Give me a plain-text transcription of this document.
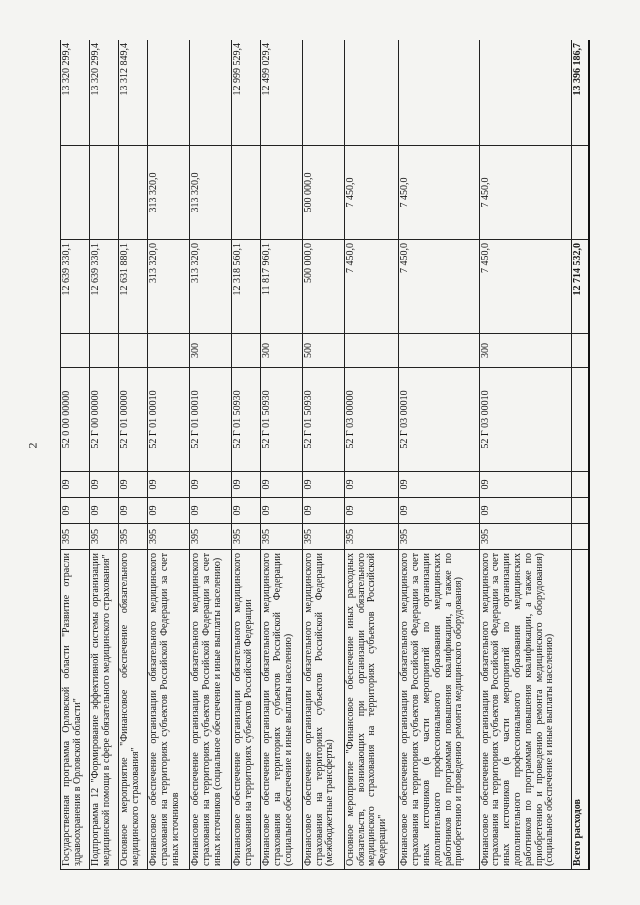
2
Государственная программа Орловской области "Развитие отрасли здравоохранения в Орловской области"	395	09	09	52 0 00 00000		12 639 330,1		13 320 299,4
Подпрограмма 12 "Формирование эффективной системы организации медицинской помощи в сфере обязательного медицинского страхования"	395	09	09	52 Г 00 00000		12 639 330,1		13 320 299,4
Основное мероприятие "Финансовое обеспечение обязательного медицинского страхования"	395	09	09	52 Г 01 00000		12 631 880,1		13 312 849,4
Финансовое обеспечение организации обязательного медицинского страхования на территориях субъектов Российской Федерации за счет иных источников	395	09	09	52 Г 01 00010		313 320,0	313 320,0	
Финансовое обеспечение организации обязательного медицинского страхования на территориях субъектов Российской Федерации за счет иных источников (социальное обеспечение и иные выплаты населению)	395	09	09	52 Г 01 00010	300	313 320,0	313 320,0	
Финансовое обеспечение организации обязательного медицинского страхования на территориях субъектов Российской Федерации	395	09	09	52 Г 01 50930		12 318 560,1		12 999 529,4
Финансовое обеспечение организации обязательного медицинского страхования на территориях субъектов Российской Федерации (социальное обеспечение и иные выплаты населению)	395	09	09	52 Г 01 50930	300	11 817 960,1		12 499 029,4
Финансовое обеспечение организации обязательного медицинского страхования на территориях субъектов Российской Федерации (межбюджетные трансферты)	395	09	09	52 Г 01 50930	500	500 000,0	500 000,0	
Основное мероприятие "Финансовое обеспечение иных расходных обязательств, возникающих при организации обязательного медицинского страхования на территориях субъектов Российской Федерации"	395	09	09	52 Г 03 00000		7 450,0	7 450,0	
Финансовое обеспечение организации обязательного медицинского страхования на территориях субъектов Российской Федерации за счет иных источников (в части мероприятий по организации дополнительного профессионального образования медицинских работников по программам повышения квалификации, а также по приобретению и проведению ремонта медицинского оборудования)	395	09	09	52 Г 03 00010		7 450,0	7 450,0	
Финансовое обеспечение организации обязательного медицинского страхования на территориях субъектов Российской Федерации за счет иных источников (в части мероприятий по организации дополнительного профессионального образования медицинских работников по программам повышения квалификации, а также по приобретению и проведению ремонта медицинского оборудования) (социальное обеспечение и иные выплаты населению)	395	09	09	52 Г 03 00010	300	7 450,0	7 450,0	
Всего расходов						12 714 532,0		13 396 186,7
